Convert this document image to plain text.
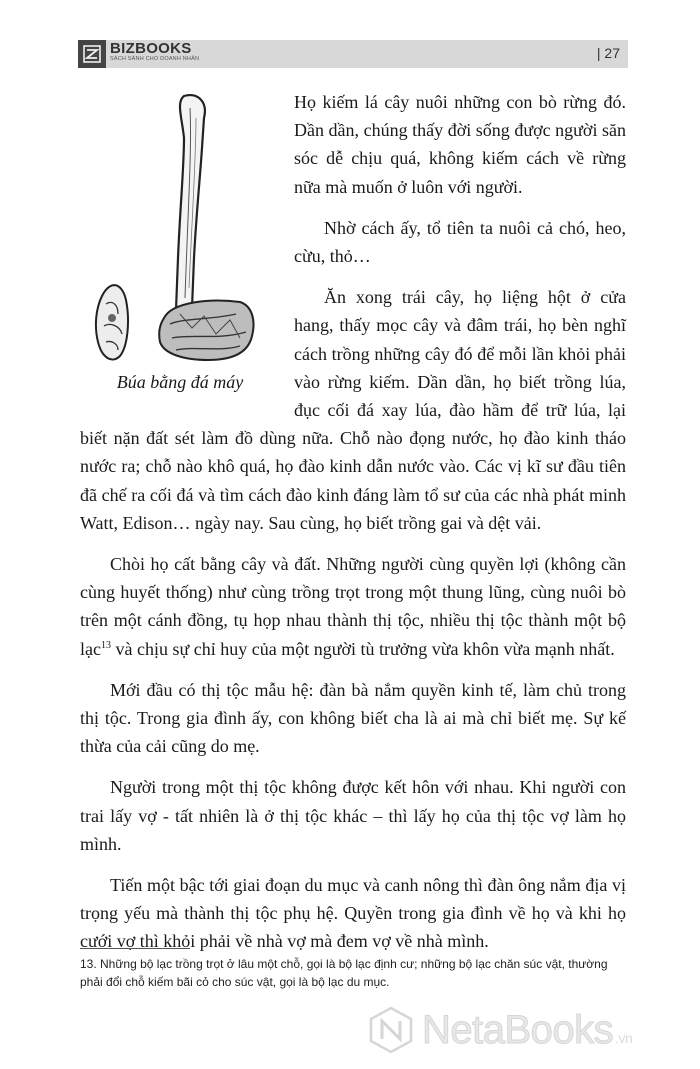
BIZBOOKS
SÁCH SÁNH CHO DOANH NHÂN	| 27
Búa bằng đá máy

Họ kiếm lá cây nuôi những con bò rừng đó. Dần dần, chúng thấy đời sống được người săn sóc dễ chịu quá, không kiếm cách về rừng nữa mà muốn ở luôn với người.

Nhờ cách ấy, tổ tiên ta nuôi cả chó, heo, cừu, thỏ…

Ăn xong trái cây, họ liệng hột ở cửa hang, thấy mọc cây và đâm trái, họ bèn nghĩ cách trồng những cây đó để mỗi lần khỏi phải vào rừng kiếm. Dần dần, họ biết trồng lúa, đục cối đá xay lúa, đào hầm để trữ lúa, lại biết nặn đất sét làm đồ dùng nữa. Chỗ nào đọng nước, họ đào kinh tháo nước ra; chỗ nào khô quá, họ đào kinh dẫn nước vào. Các vị kĩ sư đầu tiên đã chế ra cối đá và tìm cách đào kinh đáng làm tổ sư của các nhà phát minh Watt, Edison… ngày nay. Sau cùng, họ biết trồng gai và dệt vải.

Chòi họ cất bằng cây và đất. Những người cùng quyền lợi (không cần cùng huyết thống) như cùng trồng trọt trong một thung lũng, cùng nuôi bò trên một cánh đồng, tụ họp nhau thành thị tộc, nhiều thị tộc thành một bộ lạc$^{13}$ và chịu sự chỉ huy của một người tù trưởng vừa khôn vừa mạnh nhất.

Mới đầu có thị tộc mẫu hệ: đàn bà nắm quyền kinh tế, làm chủ trong thị tộc. Trong gia đình ấy, con không biết cha là ai mà chỉ biết mẹ. Sự kế thừa của cải cũng do mẹ.

Người trong một thị tộc không được kết hôn với nhau. Khi người con trai lấy vợ - tất nhiên là ở thị tộc khác – thì lấy họ của thị tộc vợ làm họ mình.

Tiến một bậc tới giai đoạn du mục và canh nông thì đàn ông nắm địa vị trọng yếu mà thành thị tộc phụ hệ. Quyền trong gia đình về họ và khi họ cưới vợ thì khỏi phải về nhà vợ mà đem vợ về nhà mình.

13. Những bộ lạc trồng trọt ở lâu một chỗ, gọi là bộ lạc định cư; những bộ lạc chăn súc vật, thường phải đổi chỗ kiếm bãi cỏ cho súc vật, gọi là bộ lạc du mục.
NetaBooks .vn
